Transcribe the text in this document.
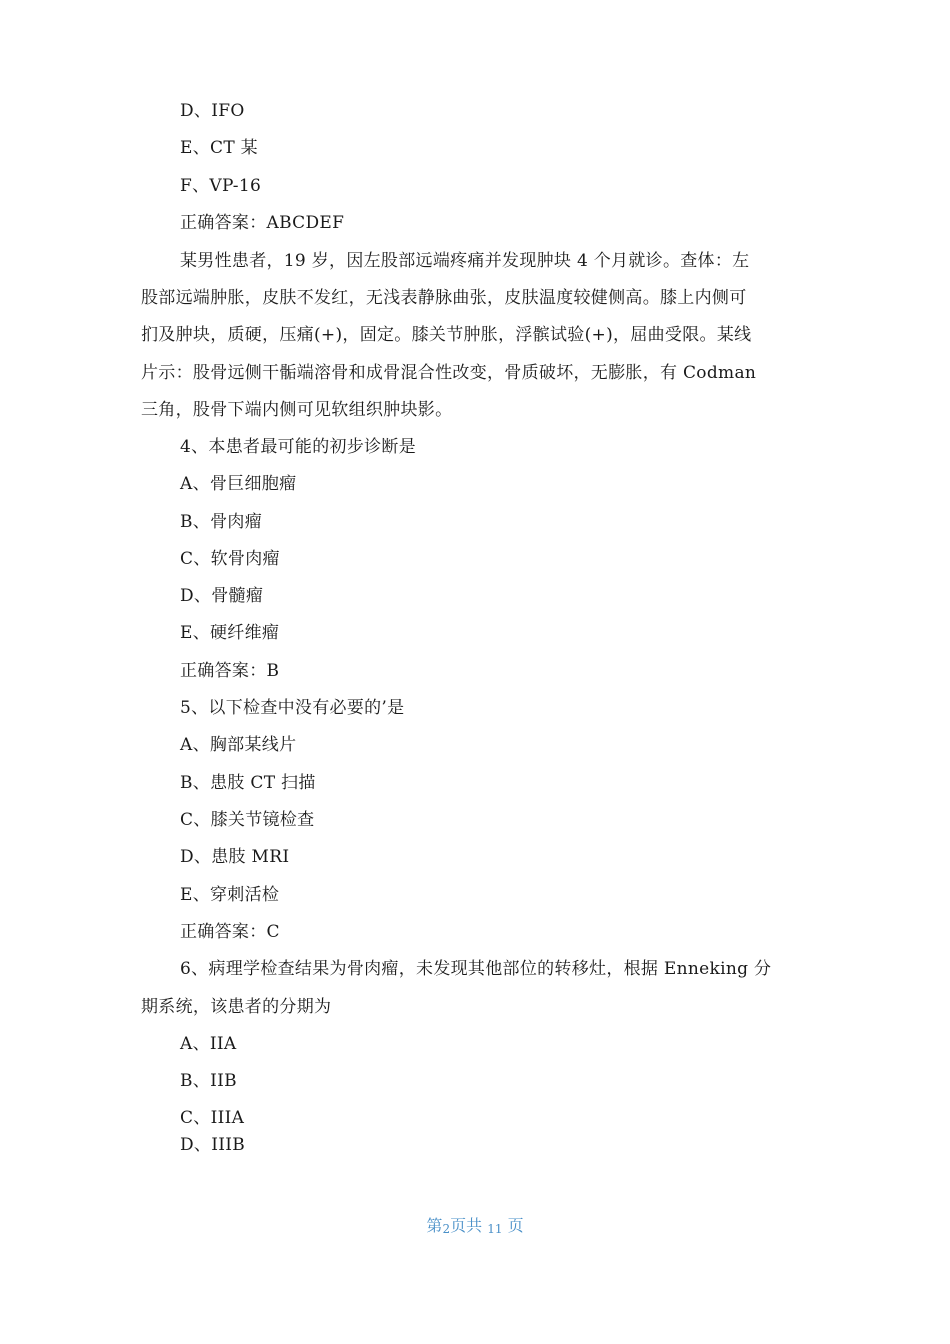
D、IFO
E、CT 某
F、VP-16
正确答案：ABCDEF
某男性患者，19 岁，因左股部远端疼痛并发现肿块 4 个月就诊。查体：左
股部远端肿胀，皮肤不发红，无浅表静脉曲张，皮肤温度较健侧高。膝上内侧可
扪及肿块，质硬，压痛(+)，固定。膝关节肿胀，浮髌试验(+)，屈曲受限。某线
片示：股骨远侧干骺端溶骨和成骨混合性改变，骨质破坏，无膨胀，有 Codman
三角，股骨下端内侧可见软组织肿块影。
4、本患者最可能的初步诊断是
A、骨巨细胞瘤
B、骨肉瘤
C、软骨肉瘤
D、骨髓瘤
E、硬纤维瘤
正确答案：B
5、以下检查中没有必要的’是
A、胸部某线片
B、患肢 CT 扫描
C、膝关节镜检查
D、患肢 MRI
E、穿刺活检
正确答案：C
6、病理学检查结果为骨肉瘤，未发现其他部位的转移灶，根据 Enneking 分
期系统，该患者的分期为
A、IIA
B、IIB
C、IIIA
D、IIIB
第2页共 11 页
